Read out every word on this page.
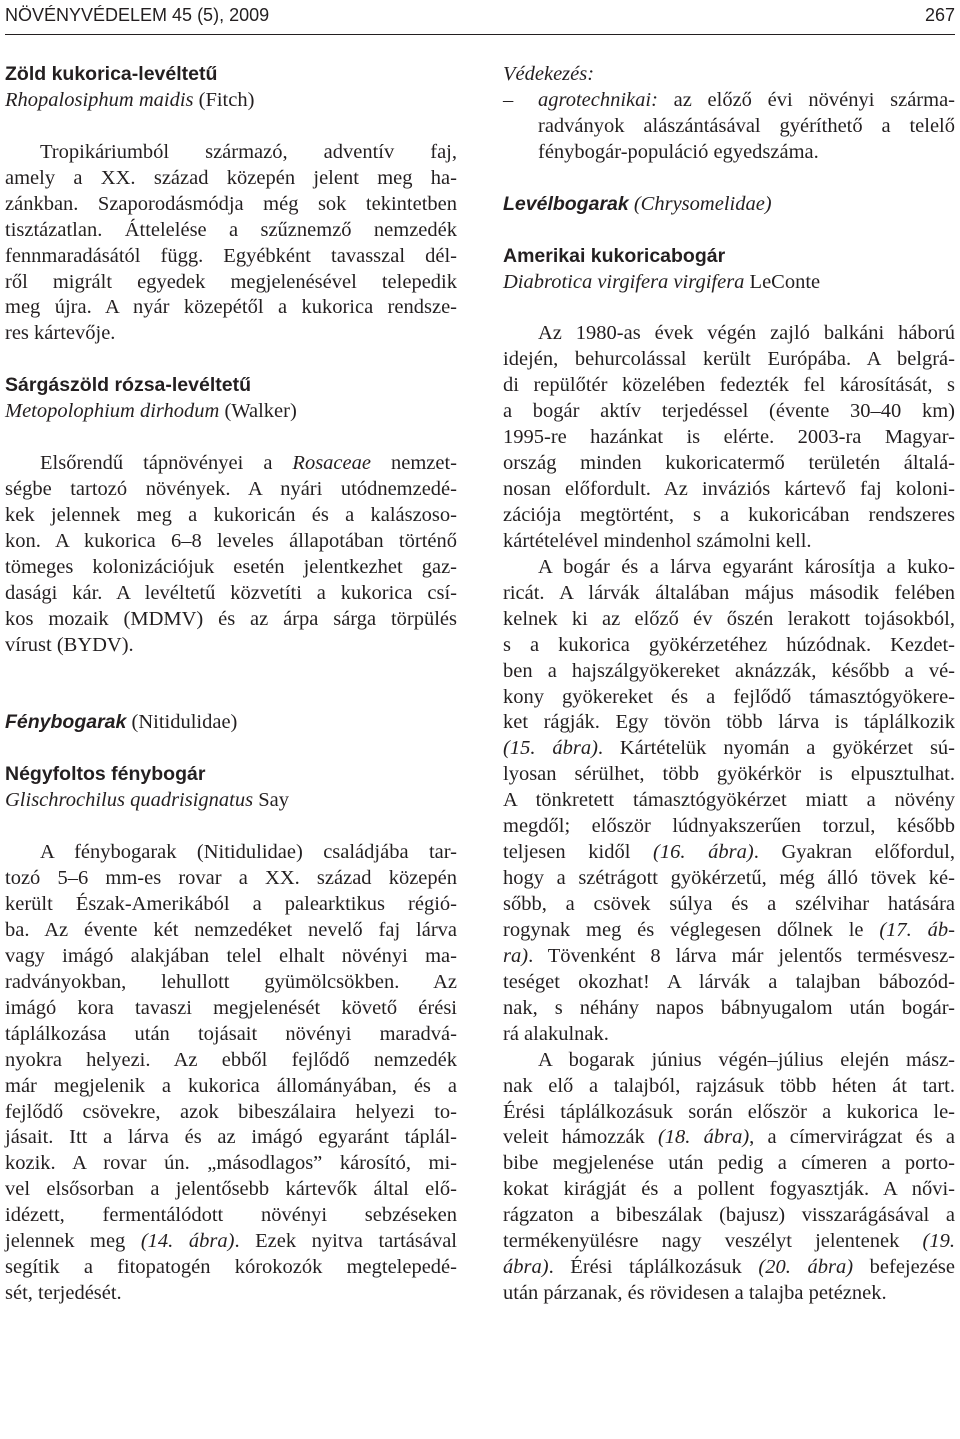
NÖVÉNYVÉDELEM 45 (5), 2009	267
Zöld kukorica-levéltetű
Rhopalosiphum maidis (Fitch)
Tropikáriumból származó, adventív faj,
amely a XX. század közepén jelent meg ha-
zánkban. Szaporodásmódja még sok tekintetben
tisztázatlan. Áttelelése a szűznemző nemzedék
fennmaradásától függ. Egyébként tavasszal dél-
ről migrált egyedek megjelenésével telepedik
meg újra. A nyár közepétől a kukorica rendsze-
res kártevője.
Sárgászöld rózsa-levéltetű
Metopolophium dirhodum (Walker)
Elsőrendű tápnövényei a Rosaceae nemzet-
ségbe tartozó növények. A nyári utódnemzedé-
kek jelennek meg a kukoricán és a kalászoso-
kon. A kukorica 6–8 leveles állapotában történő
tömeges kolonizációjuk esetén jelentkezhet gaz-
dasági kár. A levéltetű közvetíti a kukorica csí-
kos mozaik (MDMV) és az árpa sárga törpülés
vírust (BYDV).
Fénybogarak (Nitidulidae)
Négyfoltos fénybogár
Glischrochilus quadrisignatus Say
A fénybogarak (Nitidulidae) családjába tar-
tozó 5–6 mm-es rovar a XX. század közepén
került Észak-Amerikából a palearktikus régió-
ba. Az évente két nemzedéket nevelő faj lárva
vagy imágó alakjában telel elhalt növényi ma-
radványokban, lehullott gyümölcsökben. Az
imágó kora tavaszi megjelenését követő érési
táplálkozása után tojásait növényi maradvá-
nyokra helyezi. Az ebből fejlődő nemzedék
már megjelenik a kukorica állományában, és a
fejlődő csövekre, azok bibeszálaira helyezi to-
jásait. Itt a lárva és az imágó egyaránt táplál-
kozik. A rovar ún. „másodlagos” károsító, mi-
vel elsősorban a jelentősebb kártevők által elő-
idézett, fermentálódott növényi sebzéseken
jelennek meg (14. ábra). Ezek nyitva tartásával
segítik a fitopatogén kórokozók megtelepedé-
sét, terjedését.
Védekezés:
– agrotechnikai: az előző évi növényi szárma-
radványok alászántásával gyéríthető a telelő
fénybogár-populáció egyedszáma.
Levélbogarak (Chrysomelidae)
Amerikai kukoricabogár
Diabrotica virgifera virgifera LeConte
Az 1980-as évek végén zajló balkáni háború
idején, behurcolással került Európába. A belgrá-
di repülőtér közelében fedezték fel károsítását, s
a bogár aktív terjedéssel (évente 30–40 km)
1995-re hazánkat is elérte. 2003-ra Magyar-
ország minden kukoricatermő területén általá-
nosan előfordult. Az inváziós kártevő faj koloni-
zációja megtörtént, s a kukoricában rendszeres
kártételével mindenhol számolni kell.
A bogár és a lárva egyaránt károsítja a kuko-
ricát. A lárvák általában május második felében
kelnek ki az előző év őszén lerakott tojásokból,
s a kukorica gyökérzetéhez húzódnak. Kezdet-
ben a hajszálgyökereket aknázzák, később a vé-
kony gyökereket és a fejlődő támasztógyökere-
ket rágják. Egy tövön több lárva is táplálkozik
(15. ábra). Kártételük nyomán a gyökérzet sú-
lyosan sérülhet, több gyökérkör is elpusztulhat.
A tönkretett támasztógyökérzet miatt a növény
megdől; először lúdnyakszerűen torzul, később
teljesen kidől (16. ábra). Gyakran előfordul,
hogy a szétrágott gyökérzetű, még álló tövek ké-
sőbb, a csövek súlya és a szélvihar hatására
rogynak meg és véglegesen dőlnek le (17. áb-
ra). Tövenként 8 lárva már jelentős termésvesz-
teséget okozhat! A lárvák a talajban bábozód-
nak, s néhány napos bábnyugalom után bogár-
rá alakulnak.
A bogarak június végén–július elején mász-
nak elő a talajból, rajzásuk több héten át tart.
Érési táplálkozásuk során először a kukorica le-
veleit hámozzák (18. ábra), a címervirágzat és a
bibe megjelenése után pedig a címeren a porto-
kokat kirágját és a pollent fogyasztják. A nővi-
rágzaton a bibeszálak (bajusz) visszarágásával a
termékenyülésre nagy veszélyt jelentenek (19.
ábra). Érési táplálkozásuk (20. ábra) befejezése
után párzanak, és rövidesen a talajba petéznek.
